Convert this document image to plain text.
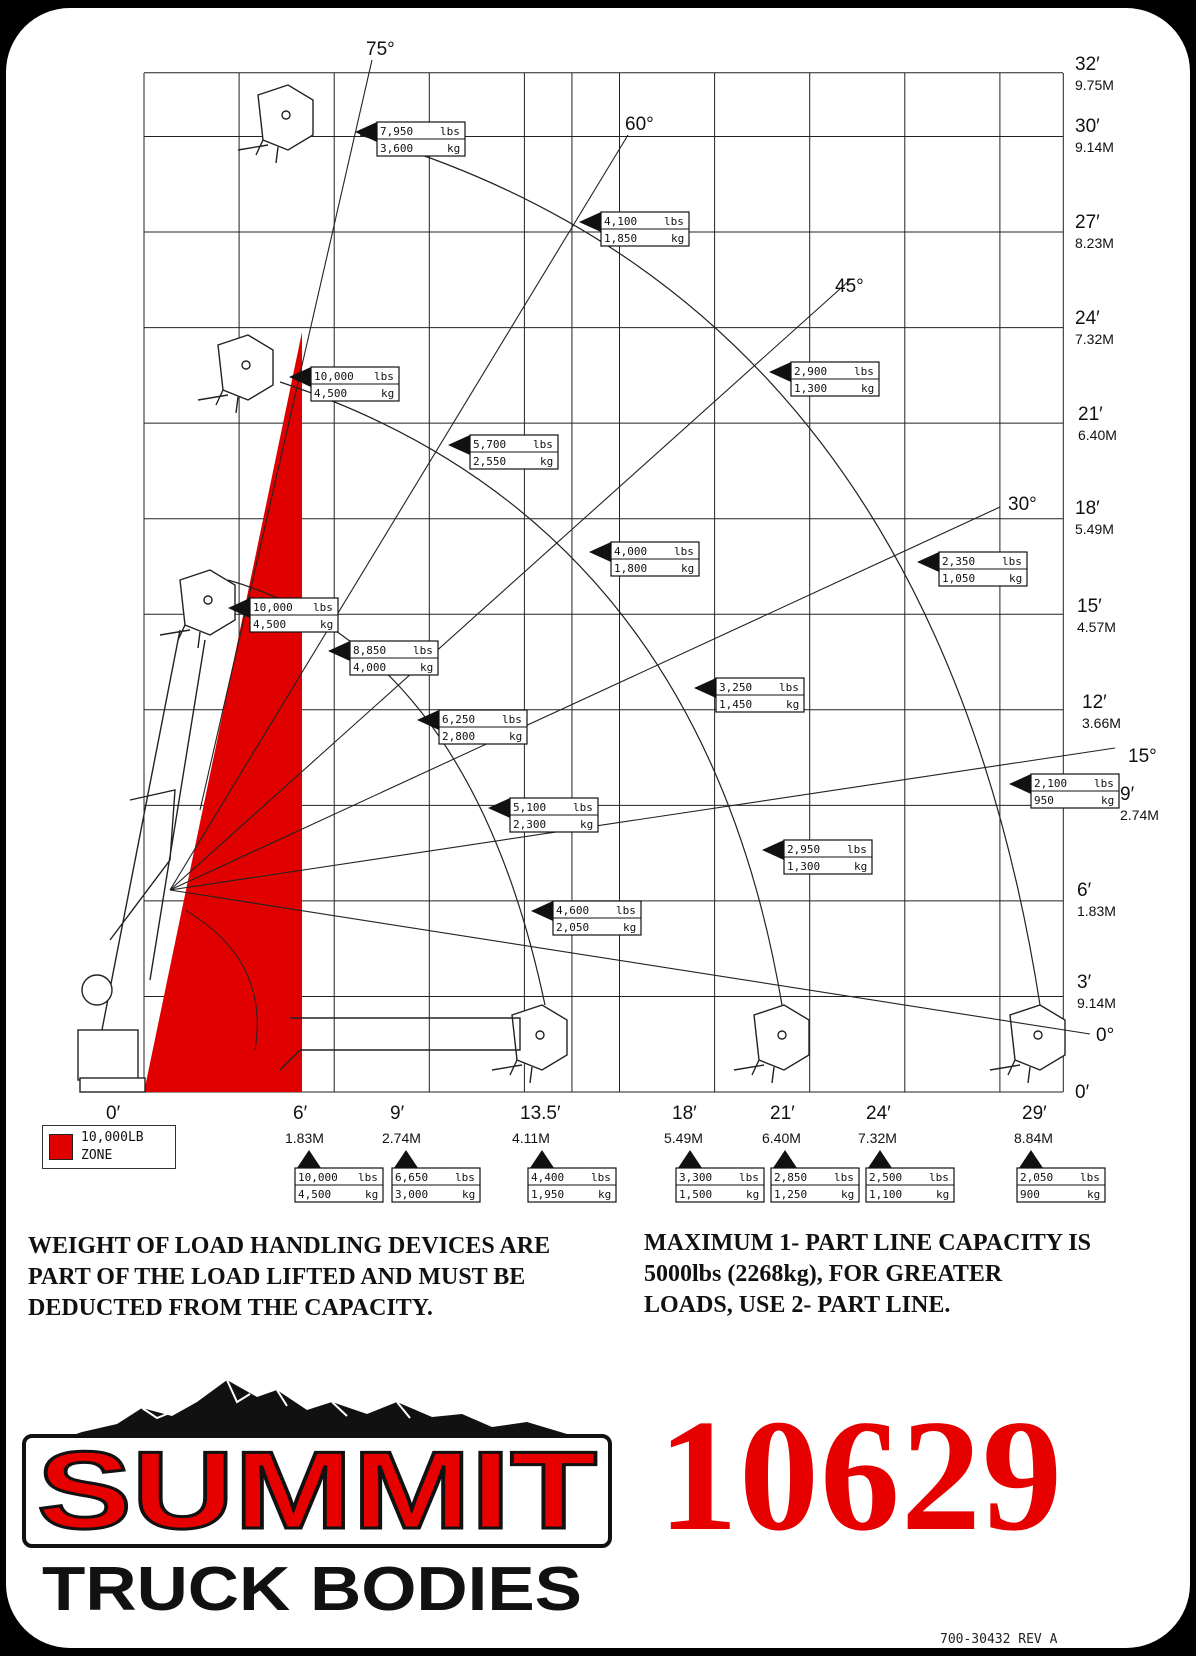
75°
60°
45°
30°
15°
0°
32′
9.75M
30′
9.14M
27′
8.23M
24′
7.32M
21′
6.40M
18′
5.49M
15′
4.57M
12′
3.66M
9′
2.74M
6′
1.83M
3′
9.14M
0′
0′	6′
1.83M
9′
2.74M
13.5′
4.11M
18′
5.49M
21′
6.40M
24′
7.32M
29′
8.84M
7,950 lbs
3,600	kg
4,100 lbs
1,850	kg
10,000 lbs
4,500	kg
2,900 lbs
1,300	kg
5,700 lbs
2,550	kg
4,000 lbs
1,800	kg
2,350 lbs
1,050	kg
10,000 lbs
4,500	kg
8,850 lbs
4,000	kg
3,250 lbs
1,450	kg
6,250 lbs
2,800	kg
2,100 lbs
950	kg
5,100 lbs
2,300	kg
2,950 lbs
1,300	kg
4,600 lbs
2,050	kg
10,000 lbs
4,500	kg
6,650 lbs
3,000	kg
4,400 lbs
1,950	kg
3,300 lbs
1,500	kg
2,850 lbs
1,250	kg
2,500 lbs
1,100	kg
2,050 lbs
900	kg
10,000LB
ZONE
WEIGHT OF LOAD HANDLING DEVICES ARE
PART OF THE LOAD LIFTED AND MUST BE
DEDUCTED FROM THE CAPACITY.
MAXIMUM 1- PART LINE CAPACITY IS
5000lbs (2268kg), FOR GREATER
LOADS, USE 2- PART LINE.
SUMMIT
TRUCK BODIES
10629
700-30432 REV A
